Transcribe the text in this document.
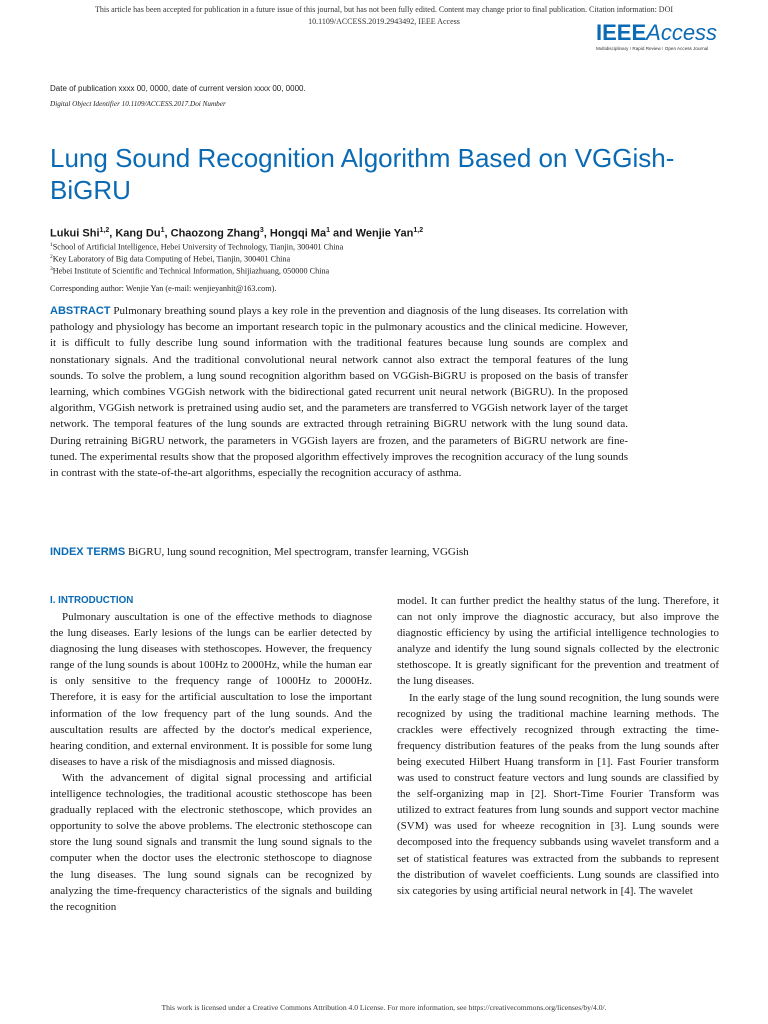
This article has been accepted for publication in a future issue of this journal, but has not been fully edited. Content may change prior to final publication. Citation information: DOI
10.1109/ACCESS.2019.2943492, IEEE Access	IEEEAccess
Multidisciplinary ⁝ Rapid Review ⁝ Open Access Journal
Date of publication xxxx 00, 0000, date of current version xxxx 00, 0000.
Digital Object Identifier 10.1109/ACCESS.2017.Doi Number
Lung Sound Recognition Algorithm Based on VGGish-BiGRU
Lukui Shi$^{1,2}$, Kang Du$^1$, Chaozong Zhang$^3$, Hongqi Ma$^1$ and Wenjie Yan$^{1,2}$
$^1$School of Artificial Intelligence, Hebei University of Technology, Tianjin, 300401 China
$^2$Key Laboratory of Big data Computing of Hebei, Tianjin, 300401 China
$^3$Hebei Institute of Scientific and Technical Information, Shijiazhuang, 050000 China
Corresponding author: Wenjie Yan (e-mail: wenjieyanhit@163.com).

ABSTRACT Pulmonary breathing sound plays a key role in the prevention and diagnosis of the lung diseases. Its correlation with pathology and physiology has become an important research topic in the pulmonary acoustics and the clinical medicine. However, it is difficult to fully describe lung sound information with the traditional features because lung sounds are complex and nonstationary signals. And the traditional convolutional neural network cannot also extract the temporal features of the lung sounds. To solve the problem, a lung sound recognition algorithm based on VGGish-BiGRU is proposed on the basis of transfer learning, which combines VGGish network with the bidirectional gated recurrent unit neural network (BiGRU). In the proposed algorithm, VGGish network is pretrained using audio set, and the parameters are transferred to VGGish network layer of the target network. The temporal features of the lung sounds are extracted through retraining BiGRU network with the lung sound data. During retraining BiGRU network, the parameters in VGGish layers are frozen, and the parameters of BiGRU network are fine-tuned. The experimental results show that the proposed algorithm effectively improves the recognition accuracy of the lung sounds in contrast with the state-of-the-art algorithms, especially the recognition accuracy of asthma.

INDEX TERMS BiGRU, lung sound recognition, Mel spectrogram, transfer learning, VGGish

I. INTRODUCTION

Pulmonary auscultation is one of the effective methods to diagnose the lung diseases. Early lesions of the lungs can be earlier detected by diagnosing the lung diseases with stethoscopes. However, the frequency range of the lung sounds is about 100Hz to 2000Hz, while the human ear is only sensitive to the frequency range of 1000Hz to 2000Hz. Therefore, it is easy for the artificial auscultation to lose the important information of the low frequency part of the lung sounds. And the auscultation results are affected by the doctor's medical experience, hearing condition, and external environment. It is possible for some lung diseases to have a risk of the misdiagnosis and missed diagnosis.

With the advancement of digital signal processing and artificial intelligence technologies, the traditional acoustic stethoscope has been gradually replaced with the electronic stethoscope, which provides an opportunity to solve the above problems. The electronic stethoscope can store the lung sound signals and transmit the lung sound signals to the computer when the doctor uses the electronic stethoscope to diagnose the lung diseases. The lung sound signals can be recognized by analyzing the time-frequency characteristics of the signals and building the recognition

model. It can further predict the healthy status of the lung. Therefore, it can not only improve the diagnostic accuracy, but also improve the diagnostic efficiency by using the artificial intelligence technologies to analyze and identify the lung sound signals collected by the electronic stethoscope. It is greatly significant for the prevention and treatment of the lung diseases.

In the early stage of the lung sound recognition, the lung sounds were recognized by using the traditional machine learning methods. The crackles were effectively recognized through extracting the time-frequency distribution features of the peaks from the lung sounds after being executed Hilbert Huang transform in [1]. Fast Fourier transform was used to construct feature vectors and lung sounds are classified by the self-organizing map in [2]. Short-Time Fourier Transform was utilized to extract features from lung sounds and support vector machine (SVM) was used for wheeze recognition in [3]. Lung sounds were decomposed into the frequency subbands using wavelet transform and a set of statistical features was extracted from the subbands to represent the distribution of wavelet coefficients. Lung sounds are classified into six categories by using artificial neural network in [4]. The wavelet

This work is licensed under a Creative Commons Attribution 4.0 License. For more information, see https://creativecommons.org/licenses/by/4.0/.
